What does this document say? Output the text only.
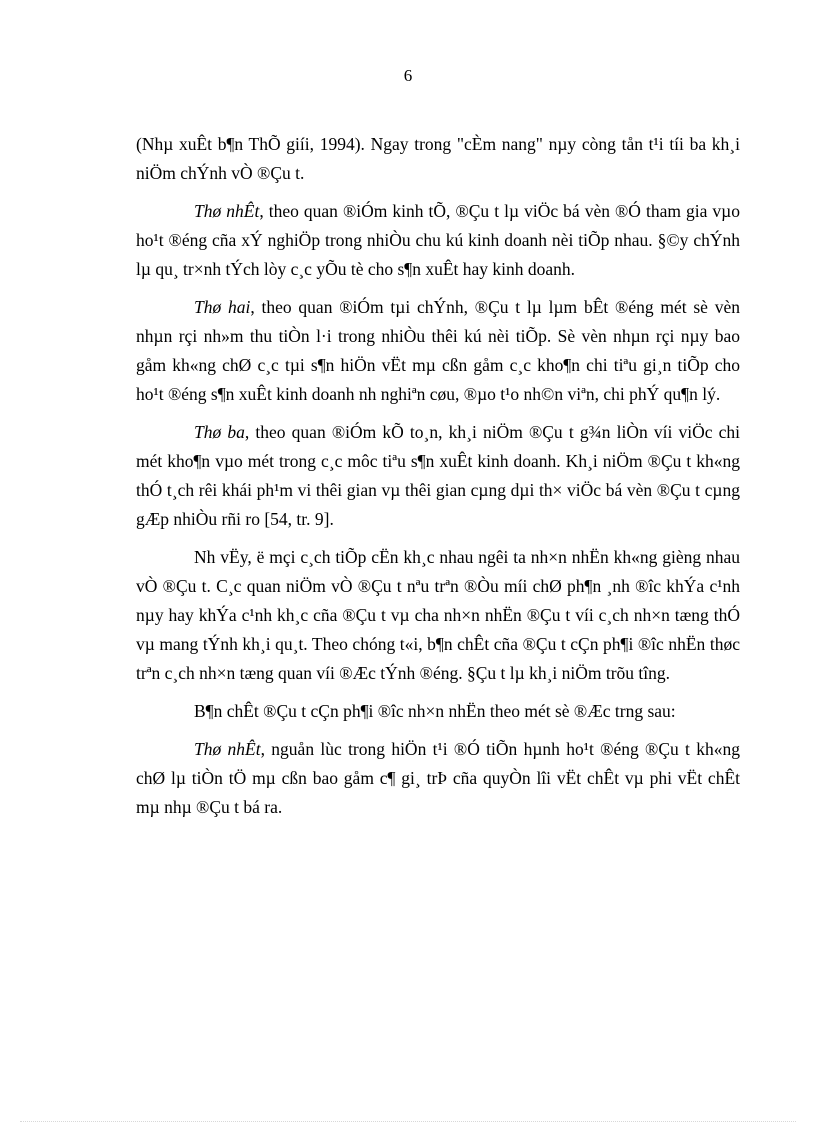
6

(Nhµ xuÊt b¶n ThÕ giíi, 1994). Ngay trong "cÈm nang" nµy còng tån t¹i tíi ba kh¸i niÖm chÝnh vÒ ®Çu t.

Thø nhÊt, theo quan ®iÓm kinh tÕ, ®Çu t lµ viÖc bá vèn ®Ó tham gia vµo ho¹t ®éng cña xÝ nghiÖp trong nhiÒu chu kú kinh doanh nèi tiÕp nhau. §©y chÝnh lµ qu¸ tr×nh tÝch lòy c¸c yÕu tè cho s¶n xuÊt hay kinh doanh.

Thø hai, theo quan ®iÓm tµi chÝnh, ®Çu t lµ lµm bÊt ®éng mét sè vèn nhµn rçi nh»m thu tiÒn l·i trong nhiÒu thêi kú nèi tiÕp. Sè vèn nhµn rçi nµy bao gåm kh«ng chØ c¸c tµi s¶n hiÖn vËt mµ cßn gåm c¸c kho¶n chi tiªu gi¸n tiÕp cho ho¹t ®éng s¶n xuÊt kinh doanh nh nghiªn cøu, ®µo t¹o nh©n viªn, chi phÝ qu¶n lý.

Thø ba, theo quan ®iÓm kÕ to¸n, kh¸i niÖm ®Çu t g¾n liÒn víi viÖc chi mét kho¶n vµo mét trong c¸c môc tiªu s¶n xuÊt kinh doanh. Kh¸i niÖm ®Çu t kh«ng thÓ t¸ch rêi khái ph¹m vi thêi gian vµ thêi gian cµng dµi th× viÖc bá vèn ®Çu t cµng gÆp nhiÒu rñi ro [54, tr. 9].

Nh vËy, ë mçi c¸ch tiÕp cËn kh¸c nhau ngêi ta nh×n nhËn kh«ng gièng nhau vÒ ®Çu t. C¸c quan niÖm vÒ ®Çu t nªu trªn ®Òu míi chØ ph¶n ¸nh ®îc khÝa c¹nh nµy hay khÝa c¹nh kh¸c cña ®Çu t vµ cha nh×n nhËn ®Çu t víi c¸ch nh×n tæng thÓ vµ mang tÝnh kh¸i qu¸t. Theo chóng t«i, b¶n chÊt cña ®Çu t cÇn ph¶i ®îc nhËn thøc trªn c¸ch nh×n tæng quan víi ®Æc tÝnh ®éng. §Çu t lµ kh¸i niÖm trõu tîng.

B¶n chÊt ®Çu t cÇn ph¶i ®îc nh×n nhËn theo mét sè ®Æc trng sau:

Thø nhÊt, nguån lùc trong hiÖn t¹i ®Ó tiÕn hµnh ho¹t ®éng ®Çu t kh«ng chØ lµ tiÒn tÖ mµ cßn bao gåm c¶ gi¸ trÞ cña quyÒn lîi vËt chÊt vµ phi vËt chÊt mµ nhµ ®Çu t bá ra.
